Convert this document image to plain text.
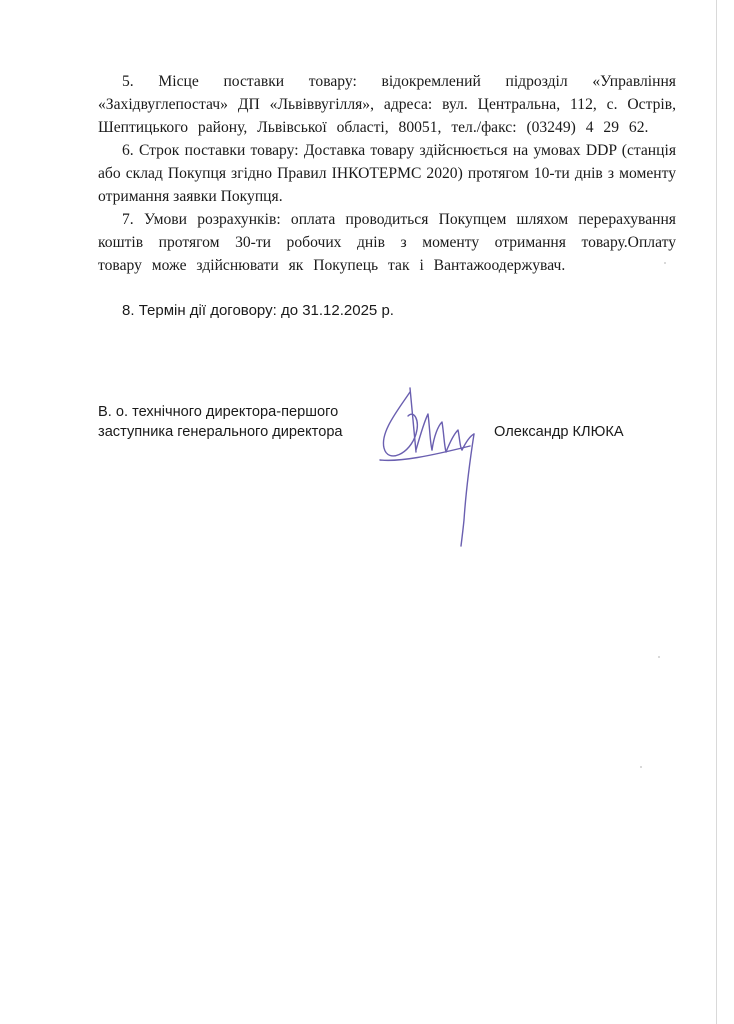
5. Місце поставки товару: відокремлений підрозділ «Управління «Західвуглепостач» ДП «Львіввугілля», адреса: вул. Центральна, 112, с. Острів, Шептицького району, Львівської області, 80051, тел./факс: (03249) 4 29 62.

6. Строк поставки товару: Доставка товару здійснюється на умовах DDP (станція або склад Покупця згідно Правил ІНКОТЕРМС 2020) протягом 10-ти днів з моменту отримання заявки Покупця.

7. Умови розрахунків: оплата проводиться Покупцем шляхом перерахування коштів протягом 30-ти робочих днів з моменту отримання товару.Оплату товару може здійснювати як Покупець так і Вантажоодержувач.

8. Термін дії договору: до 31.12.2025 р.

В. о. технічного директора-першого
заступника генерального директора	Олександр КЛЮКА
